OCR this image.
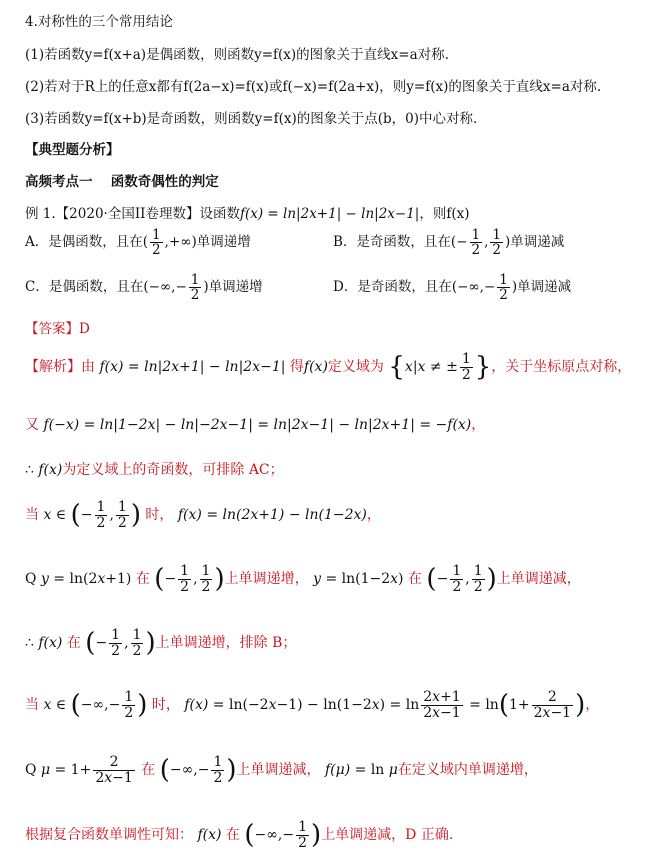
4.对称性的三个常用结论
(1)若函数y=f(x+a)是偶函数，则函数y=f(x)的图象关于直线x=a对称.
(2)若对于R上的任意x都有f(2a−x)=f(x)或f(−x)=f(2a+x)，则y=f(x)的图象关于直线x=a对称.
(3)若函数y=f(x+b)是奇函数，则函数y=f(x)的图象关于点(b，0)中心对称.
【典型题分析】
高频考点一　 函数奇偶性的判定
例 1.【2020·全国II卷理数】设函数f(x) = ln|2x+1| − ln|2x−1|，则f(x)
A．是偶函数，且在( $\frac{1}{2}$ ,+∞)单调递增	B．是奇函数，且在(− $\frac{1}{2}$ , $\frac{1}{2}$ )单调递减
C．是偶函数，且在(−∞,− $\frac{1}{2}$ )单调递增	D．是奇函数，且在(−∞,− $\frac{1}{2}$ )单调递减
【答案】D
【解析】由 f(x) = ln|2x+1| − ln|2x−1| 得f(x)定义域为 {x|x ≠ ± $\frac{1}{2}$ }，关于坐标原点对称，
又 f(−x) = ln|1−2x| − ln|−2x−1| = ln|2x−1| − ln|2x+1| = −f(x)，
∴ f(x)为定义域上的奇函数，可排除 AC；
当 x ∈ (− $\frac{1}{2}$ , $\frac{1}{2}$ ) 时， f(x) = ln(2x+1) − ln(1−2x)，
Q y = ln(2x+1) 在 (− $\frac{1}{2}$ , $\frac{1}{2}$ )上单调递增， y = ln(1−2x) 在 (− $\frac{1}{2}$ , $\frac{1}{2}$ )上单调递减，
∴ f(x) 在 (− $\frac{1}{2}$ , $\frac{1}{2}$ )上单调递增，排除 B；
当 x ∈ (−∞,− $\frac{1}{2}$ ) 时， $f(x) = \ln(-2x-1) - \ln(1-2x) = \ln \frac{2x+1}{2x-1} = \ln(1+ \frac{2}{2x-1}$ )，
Q $\mu = 1+ \frac{2}{2x-1}$ 在 (−∞,− $\frac{1}{2}$ )上单调递减， f(μ) = ln μ在定义域内单调递增，
根据复合函数单调性可知： f(x) 在 (−∞,− $\frac{1}{2}$ )上单调递减，D 正确.
